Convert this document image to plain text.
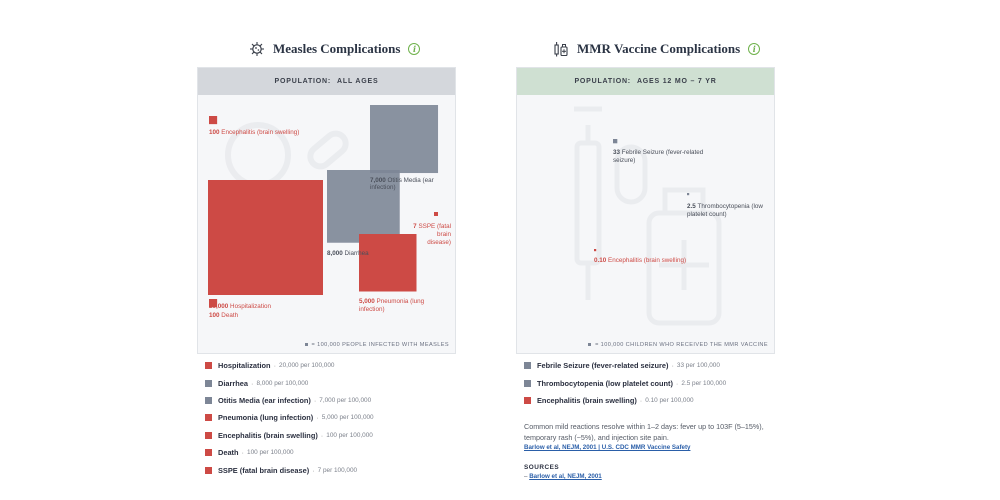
Measles Complications	i
POPULATION: ALL AGES
100 Encephalitis (brain swelling)
20,000 Hospitalization
100 Death
7,000 Otitis Media (ear
infection)
8,000 Diarrhea
7 SSPE (fatal
brain
disease)
5,000 Pneumonia (lung
infection)
= 100,000 PEOPLE INFECTED WITH MEASLES
MMR Vaccine Complications	i
POPULATION: AGES 12 MO – 7 YR
33 Febrile Seizure (fever-related
seizure)
2.5 Thrombocytopenia (low
platelet count)
0.10 Encephalitis (brain swelling)
= 100,000 CHILDREN WHO RECEIVED THE MMR VACCINE
Hospitalization · 20,000 per 100,000
Diarrhea · 8,000 per 100,000
Otitis Media (ear infection) · 7,000 per 100,000
Pneumonia (lung infection) · 5,000 per 100,000
Encephalitis (brain swelling) · 100 per 100,000
Death · 100 per 100,000
SSPE (fatal brain disease) · 7 per 100,000
Febrile Seizure (fever-related seizure) · 33 per 100,000
Thrombocytopenia (low platelet count) · 2.5 per 100,000
Encephalitis (brain swelling) · 0.10 per 100,000
Common mild reactions resolve within 1–2 days: fever up to 103F (5–15%), temporary rash (~5%), and injection site pain.
Barlow et al, NEJM, 2001 | U.S. CDC MMR Vaccine Safety
SOURCES
– Barlow et al, NEJM, 2001
